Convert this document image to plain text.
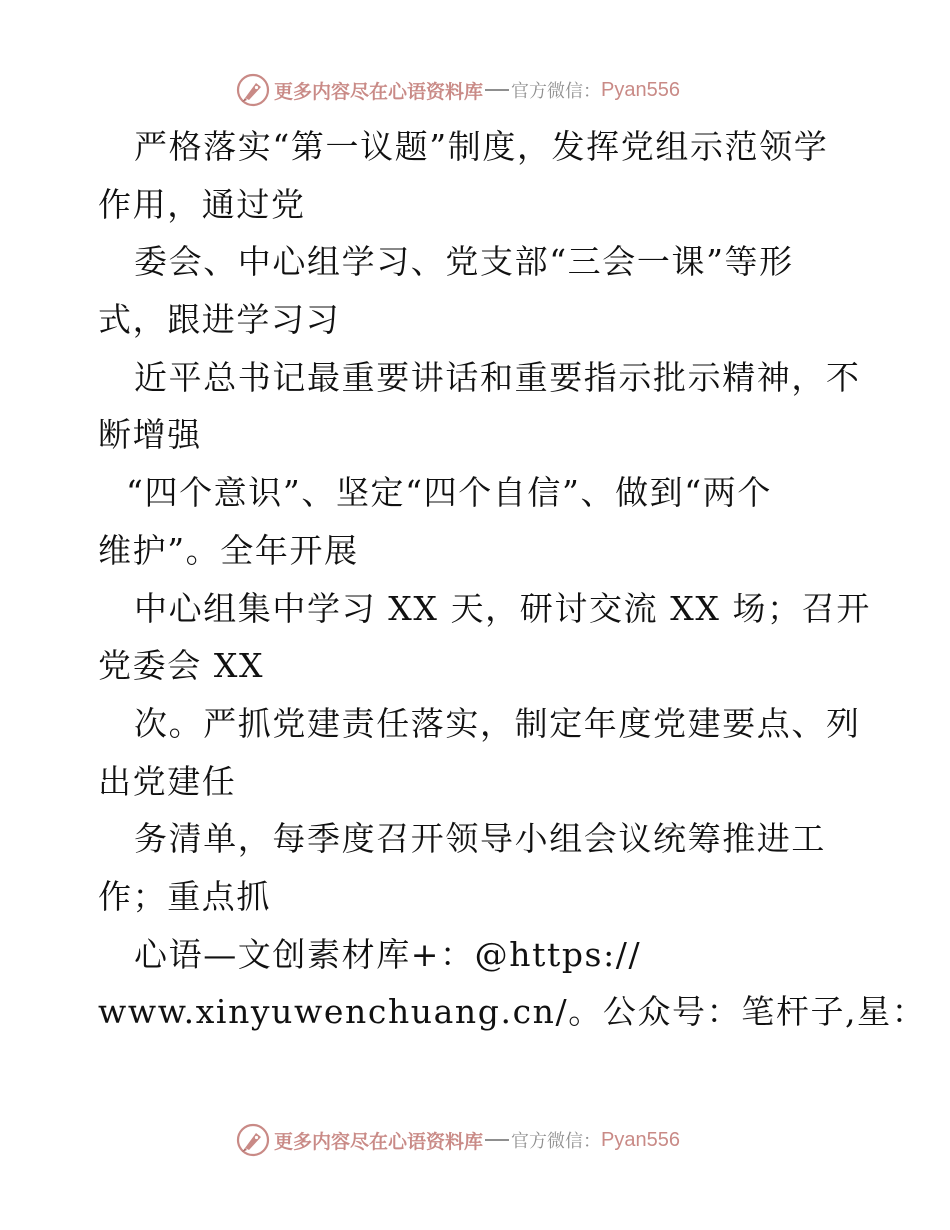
更多内容尽在心语资料库 官方微信： Pyan556
严格落实“第一议题”制度，发挥党组示范领学
作用，通过党
委会、中心组学习、党支部“三会一课”等形
式，跟进学习习
近平总书记最重要讲话和重要指示批示精神，不
断增强
“四个意识”、坚定“四个自信”、做到“两个
维护”。全年开展
中心组集中学习 XX 天，研讨交流 XX 场；召开
党委会 XX
次。严抓党建责任落实，制定年度党建要点、列
出党建任
务清单，每季度召开领导小组会议统筹推进工
作；重点抓
心语—文创素材库+：@https://
www.xinyuwenchuang.cn/。公众号：笔杆子,星：
更多内容尽在心语资料库 官方微信： Pyan556
